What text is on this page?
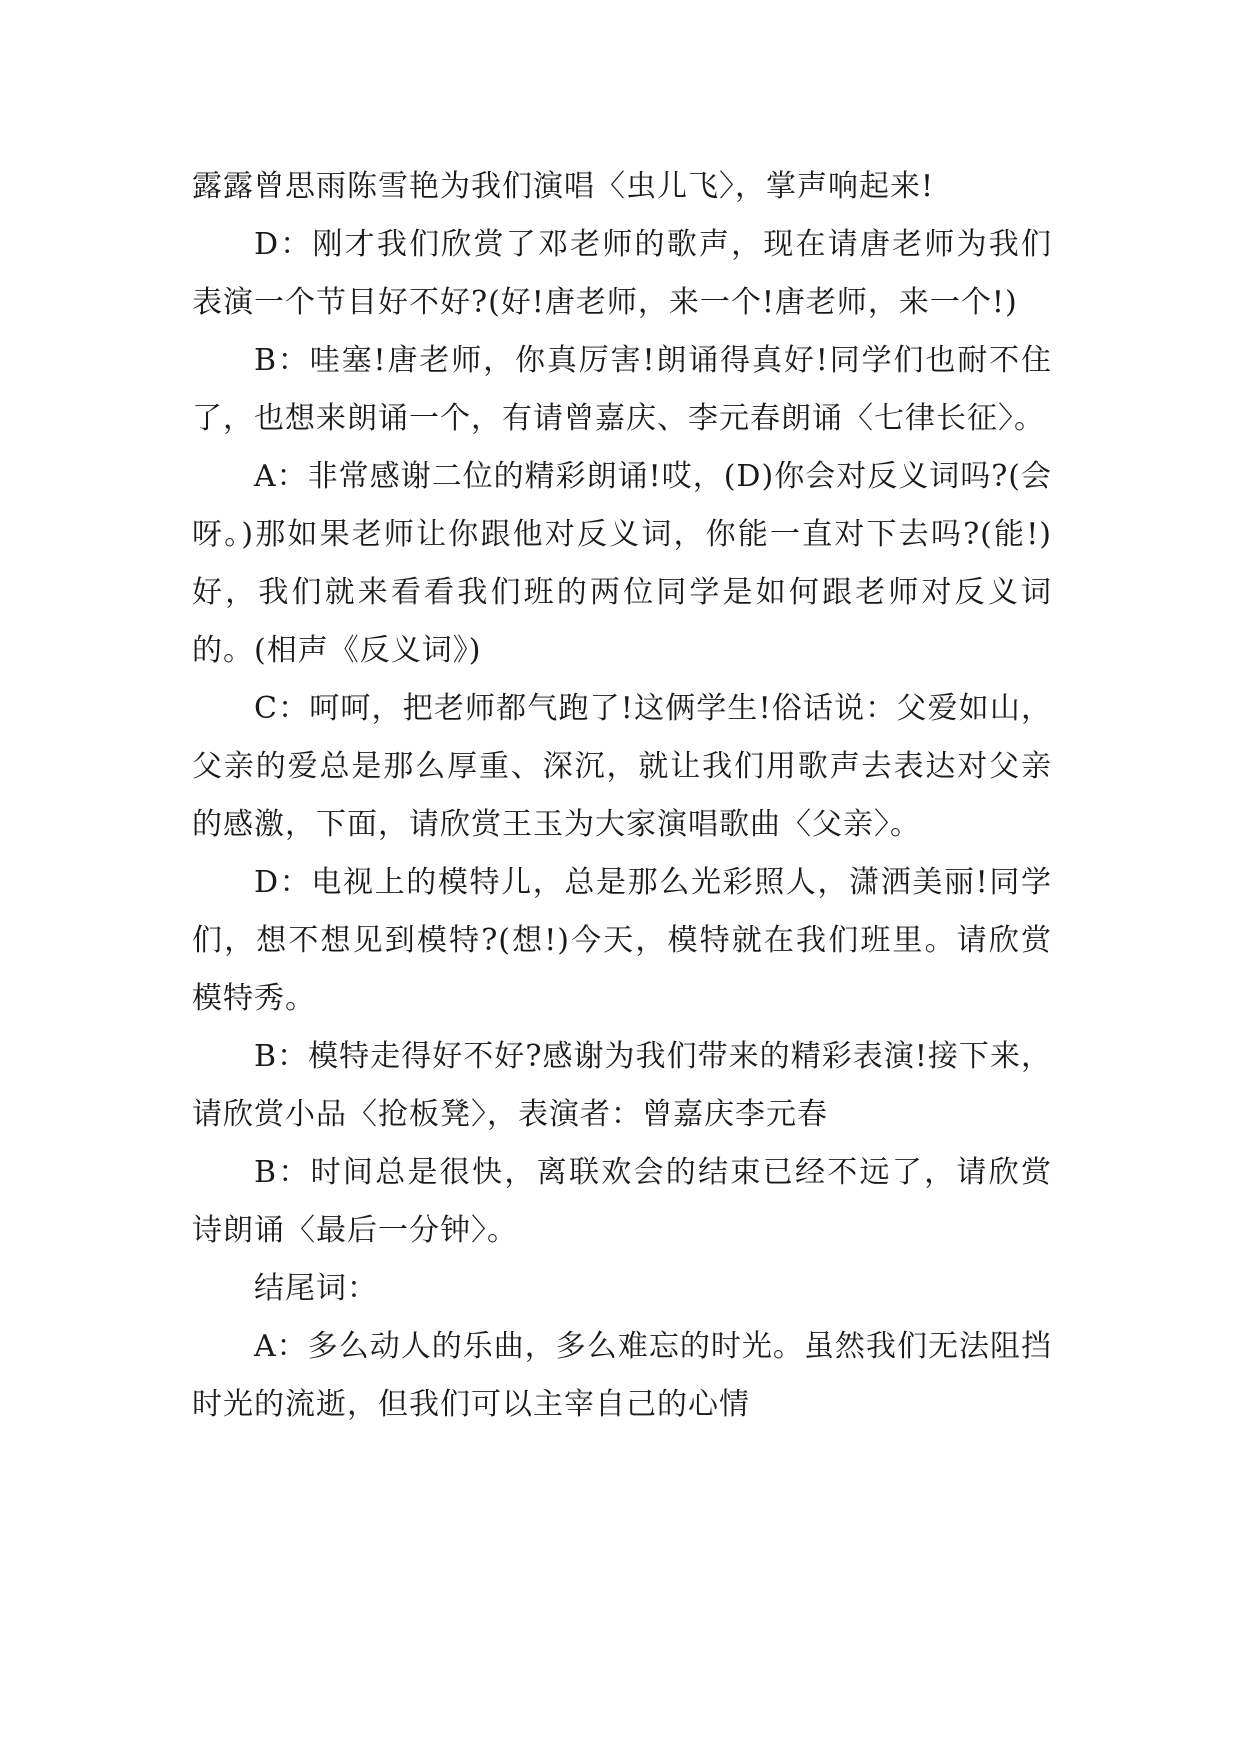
露露曾思雨陈雪艳为我们演唱〈虫儿飞〉，掌声响起来!

D：刚才我们欣赏了邓老师的歌声，现在请唐老师为我们表演一个节目好不好?(好!唐老师，来一个!唐老师，来一个!)

B：哇塞!唐老师，你真厉害!朗诵得真好!同学们也耐不住了，也想来朗诵一个，有请曾嘉庆、李元春朗诵〈七律长征〉。

A：非常感谢二位的精彩朗诵!哎，(D)你会对反义词吗?(会呀。)那如果老师让你跟他对反义词，你能一直对下去吗?(能!)好，我们就来看看我们班的两位同学是如何跟老师对反义词的。(相声《反义词》)

C：呵呵，把老师都气跑了!这俩学生!俗话说：父爱如山，父亲的爱总是那么厚重、深沉，就让我们用歌声去表达对父亲的感激，下面，请欣赏王玉为大家演唱歌曲〈父亲〉。

D：电视上的模特儿，总是那么光彩照人，潇洒美丽!同学们，想不想见到模特?(想!)今天，模特就在我们班里。请欣赏模特秀。

B：模特走得好不好?感谢为我们带来的精彩表演!接下来，请欣赏小品〈抢板凳〉，表演者：曾嘉庆李元春

B：时间总是很快，离联欢会的结束已经不远了，请欣赏诗朗诵〈最后一分钟〉。

结尾词：

A：多么动人的乐曲，多么难忘的时光。虽然我们无法阻挡时光的流逝，但我们可以主宰自己的心情
